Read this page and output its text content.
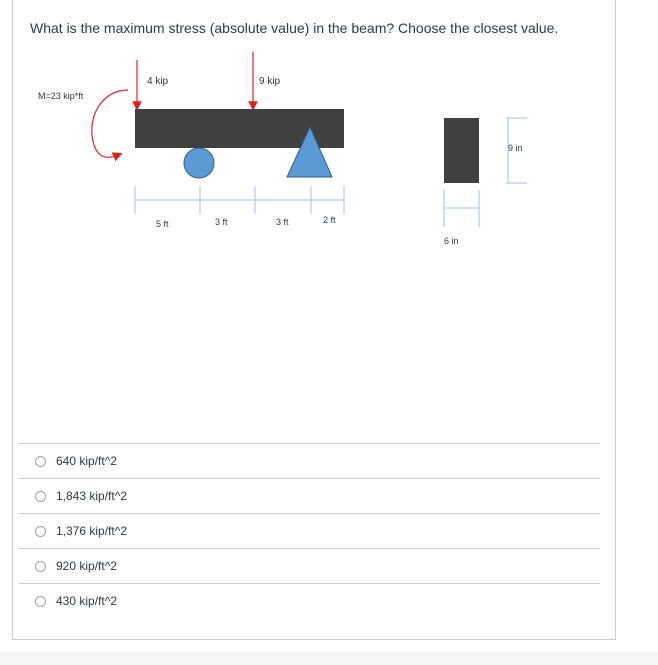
What is the maximum stress (absolute value) in the beam? Choose the closest value.
M=23 kip*ft
4 kip	9 kip
5 ft	3 ft	3 ft	2 ft
9 in
6 in
640 kip/ft^2
1,843 kip/ft^2
1,376 kip/ft^2
920 kip/ft^2
430 kip/ft^2
